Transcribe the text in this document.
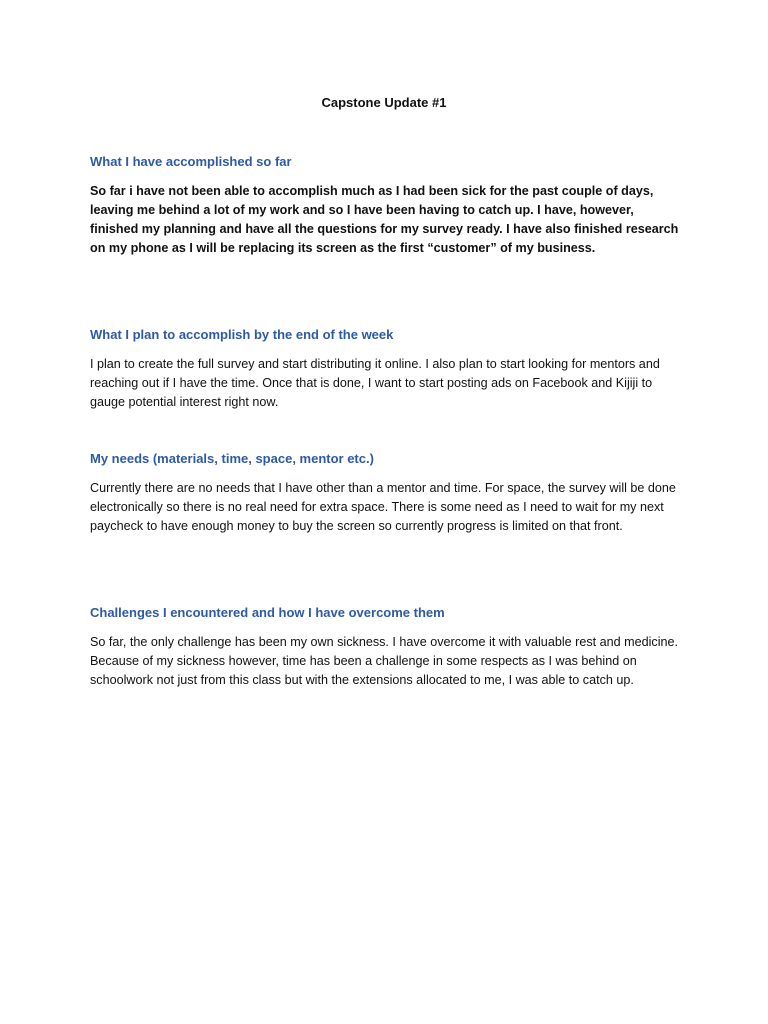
Capstone Update #1

What I have accomplished so far

So far i have not been able to accomplish much as I had been sick for the past couple of days, leaving me behind a lot of my work and so I have been having to catch up. I have, however, finished my planning and have all the questions for my survey ready. I have also finished research on my phone as I will be replacing its screen as the first “customer” of my business.

What I plan to accomplish by the end of the week

I plan to create the full survey and start distributing it online. I also plan to start looking for mentors and reaching out if I have the time. Once that is done, I want to start posting ads on Facebook and Kijiji to gauge potential interest right now.

My needs (materials, time, space, mentor etc.)

Currently there are no needs that I have other than a mentor and time. For space, the survey will be done electronically so there is no real need for extra space. There is some need as I need to wait for my next paycheck to have enough money to buy the screen so currently progress is limited on that front.

Challenges I encountered and how I have overcome them

So far, the only challenge has been my own sickness. I have overcome it with valuable rest and medicine. Because of my sickness however, time has been a challenge in some respects as I was behind on schoolwork not just from this class but with the extensions allocated to me, I was able to catch up.
